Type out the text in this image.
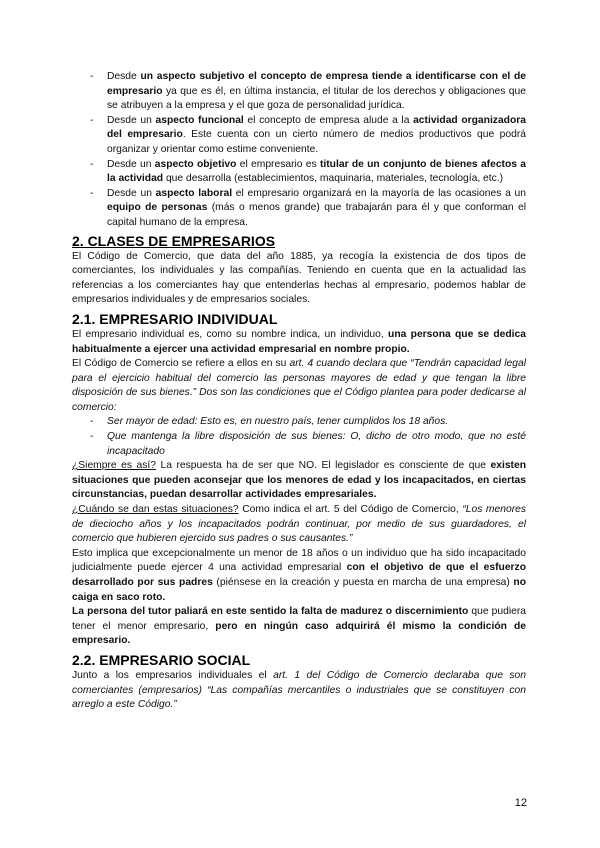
- Desde un aspecto subjetivo el concepto de empresa tiende a identificarse con el de empresario ya que es él, en última instancia, el titular de los derechos y obligaciones que se atribuyen a la empresa y el que goza de personalidad jurídica.
- Desde un aspecto funcional el concepto de empresa alude a la actividad organizadora del empresario. Este cuenta con un cierto número de medios productivos que podrá organizar y orientar como estime conveniente.
- Desde un aspecto objetivo el empresario es titular de un conjunto de bienes afectos a la actividad que desarrolla (establecimientos, maquinaria, materiales, tecnología, etc.)
- Desde un aspecto laboral el empresario organizará en la mayoría de las ocasiones a un equipo de personas (más o menos grande) que trabajarán para él y que conforman el capital humano de la empresa.
2. CLASES DE EMPRESARIOS

El Código de Comercio, que data del año 1885, ya recogía la existencia de dos tipos de comerciantes, los individuales y las compañías. Teniendo en cuenta que en la actualidad las referencias a los comerciantes hay que entenderlas hechas al empresario, podemos hablar de empresarios individuales y de empresarios sociales.

2.1. EMPRESARIO INDIVIDUAL

El empresario individual es, como su nombre indica, un individuo, una persona que se dedica habitualmente a ejercer una actividad empresarial en nombre propio.

El Código de Comercio se refiere a ellos en su art. 4 cuando declara que “Tendrán capacidad legal para el ejercicio habitual del comercio las personas mayores de edad y que tengan la libre disposición de sus bienes.” Dos son las condiciones que el Código plantea para poder dedicarse al comercio:

- Ser mayor de edad: Esto es, en nuestro país, tener cumplidos los 18 años.
- Que mantenga la libre disposición de sus bienes: O, dicho de otro modo, que no esté incapacitado

¿Siempre es así? La respuesta ha de ser que NO. El legislador es consciente de que existen situaciones que pueden aconsejar que los menores de edad y los incapacitados, en ciertas circunstancias, puedan desarrollar actividades empresariales.

¿Cuándo se dan estas situaciones? Como indica el art. 5 del Código de Comercio, “Los menores de dieciocho años y los incapacitados podrán continuar, por medio de sus guardadores, el comercio que hubieren ejercido sus padres o sus causantes.”

Esto implica que excepcionalmente un menor de 18 años o un individuo que ha sido incapacitado judicialmente puede ejercer 4 una actividad empresarial con el objetivo de que el esfuerzo desarrollado por sus padres (piénsese en la creación y puesta en marcha de una empresa) no caiga en saco roto.

La persona del tutor paliará en este sentido la falta de madurez o discernimiento que pudiera tener el menor empresario, pero en ningún caso adquirirá él mismo la condición de empresario.

2.2. EMPRESARIO SOCIAL

Junto a los empresarios individuales el art. 1 del Código de Comercio declaraba que son comerciantes (empresarios) “Las compañías mercantiles o industriales que se constituyen con arreglo a este Código.”

12
